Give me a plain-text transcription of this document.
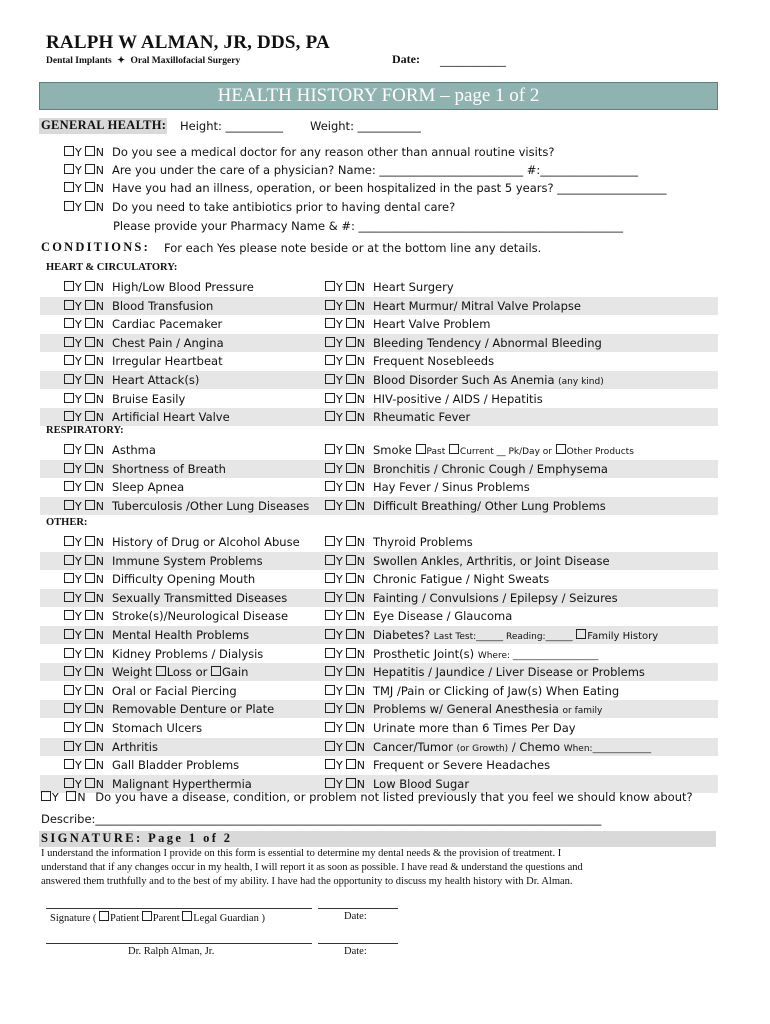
RALPH W ALMAN, JR, DDS, PA
Dental Implants ✦ Oral Maxillofacial Surgery	Date: ____________
HEALTH HISTORY FORM – page 1 of 2
GENERAL HEALTH: Height: __________ Weight: ___________
Y N Do you see a medical doctor for any reason other than annual routine visits?
Y N Are you under the care of a physician? Name: _________________________ #:_________________
Y N Have you had an illness, operation, or been hospitalized in the past 5 years? ___________________
Y N Do you need to take antibiotics prior to having dental care?
Please provide your Pharmacy Name & #: ______________________________________________
CONDITIONS: For each Yes please note beside or at the bottom line any details.
HEART & CIRCULATORY:
Y N High/Low Blood Pressure	Y N Heart Surgery
Y N Blood Transfusion	Y N Heart Murmur/ Mitral Valve Prolapse
Y N Cardiac Pacemaker	Y N Heart Valve Problem
Y N Chest Pain / Angina	Y N Bleeding Tendency / Abnormal Bleeding
Y N Irregular Heartbeat	Y N Frequent Nosebleeds
Y N Heart Attack(s)	Y N Blood Disorder Such As Anemia (any kind)
Y N Bruise Easily	Y N HIV-positive / AIDS / Hepatitis
Y N Artificial Heart Valve	Y N Rheumatic Fever
Y N Asthma	Y N Smoke Past Current __ Pk/Day or Other Products
Y N Shortness of Breath	Y N Bronchitis / Chronic Cough / Emphysema
Y N Sleep Apnea	Y N Hay Fever / Sinus Problems
Y N Tuberculosis /Other Lung Diseases	Y N Difficult Breathing/ Other Lung Problems
Y N History of Drug or Alcohol Abuse	Y N Thyroid Problems
Y N Immune System Problems	Y N Swollen Ankles, Arthritis, or Joint Disease
Y N Difficulty Opening Mouth	Y N Chronic Fatigue / Night Sweats
Y N Sexually Transmitted Diseases	Y N Fainting / Convulsions / Epilepsy / Seizures
Y N Stroke(s)/Neurological Disease	Y N Eye Disease / Glaucoma
Y N Mental Health Problems	Y N Diabetes? Last Test:______ Reading:______ Family History
Y N Kidney Problems / Dialysis	Y N Prosthetic Joint(s) Where: ___________________
Y N Weight Loss or Gain	Y N Hepatitis / Jaundice / Liver Disease or Problems
Y N Oral or Facial Piercing	Y N TMJ /Pain or Clicking of Jaw(s) When Eating
Y N Removable Denture or Plate	Y N Problems w/ General Anesthesia or family
Y N Stomach Ulcers	Y N Urinate more than 6 Times Per Day
Y N Arthritis	Y N Cancer/Tumor (or Growth) / Chemo When:_____________
Y N Gall Bladder Problems	Y N Frequent or Severe Headaches
Y N Malignant Hyperthermia	Y N Low Blood Sugar
RESPIRATORY:
OTHER:
Y N Do you have a disease, condition, or problem not listed previously that you feel we should know about?
Describe:________________________________________________________________________________________
SIGNATURE: Page 1 of 2
I understand the information I provide on this form is essential to determine my dental needs & the provision of treatment. I
understand that if any changes occur in my health, I will report it as soon as possible. I have read & understand the questions and
answered them truthfully and to the best of my ability. I have had the opportunity to discuss my health history with Dr. Alman.
Signature ( Patient Parent Legal Guardian )	Date:
Dr. Ralph Alman, Jr.	Date:
